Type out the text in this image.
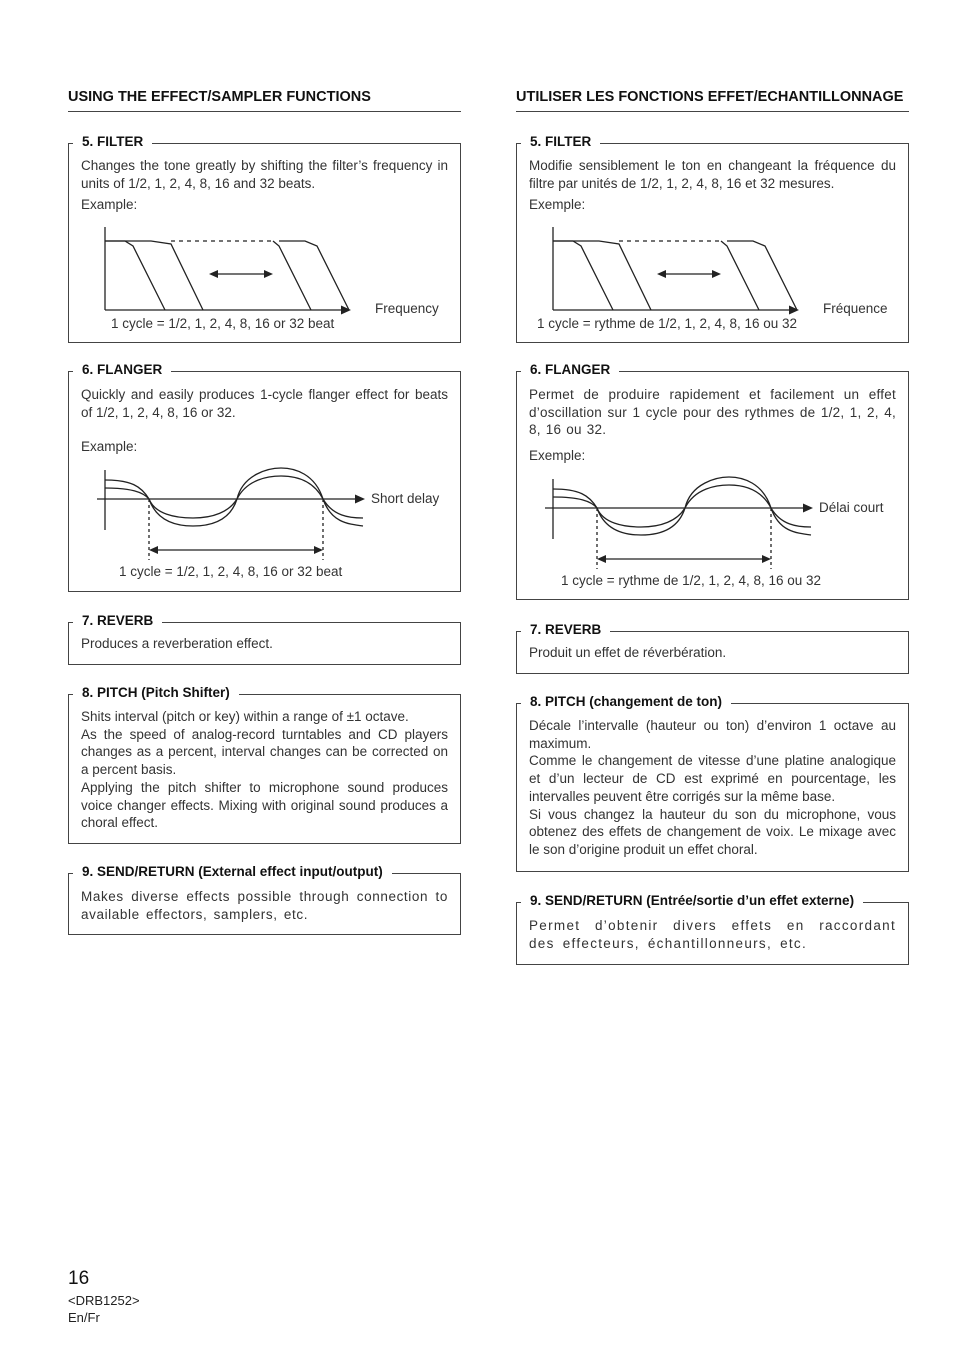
USING THE EFFECT/SAMPLER FUNCTIONS
5. FILTER

Changes the tone greatly by shifting the filter’s frequency in units of 1/2, 1, 2, 4, 8, 16 and 32 beats.

Example:

Frequency
1 cycle = 1/2, 1, 2, 4, 8, 16 or 32 beat
6. FLANGER

Quickly and easily produces 1-cycle flanger effect for beats of 1/2, 1, 2, 4, 8, 16 or 32.

Example:

Short delay
1 cycle = 1/2, 1, 2, 4, 8, 16 or 32 beat
7. REVERB

Produces a reverberation effect.

8. PITCH (Pitch Shifter)

Shits interval (pitch or key) within a range of ±1 octave.

As the speed of analog-record turntables and CD players changes as a percent, interval changes can be corrected on a percent basis.

Applying the pitch shifter to microphone sound produces voice changer effects. Mixing with original sound produces a choral effect.

9. SEND/RETURN (External effect input/output)

Makes diverse effects possible through connection to available effectors, samplers, etc.

UTILISER LES FONCTIONS EFFET/ECHANTILLONNAGE
5. FILTER

Modifie sensiblement le ton en changeant la fréquence du filtre par unités de 1/2, 1, 2, 4, 8, 16 et 32 mesures.

Exemple:

Fréquence
1 cycle = rythme de 1/2, 1, 2, 4, 8, 16 ou 32
6. FLANGER

Permet de produire rapidement et facilement un effet d’oscillation sur 1 cycle pour des rythmes de 1/2, 1, 2, 4, 8, 16 ou 32.

Exemple:

Délai court
1 cycle = rythme de 1/2, 1, 2, 4, 8, 16 ou 32
7. REVERB

Produit un effet de réverbération.

8. PITCH (changement de ton)

Décale l’intervalle (hauteur ou ton) d’environ 1 octave au maximum.

Comme le changement de vitesse d’une platine analogique et d’un lecteur de CD est exprimé en pourcentage, les intervalles peuvent être corrigés sur la même base.

Si vous changez la hauteur du son du microphone, vous obtenez des effets de changement de voix. Le mixage avec le son d’origine produit un effet choral.

9. SEND/RETURN (Entrée/sortie d’un effet externe)

Permet d’obtenir divers effets en raccordant des effecteurs, échantillonneurs, etc.

16
<DRB1252>
En/Fr
